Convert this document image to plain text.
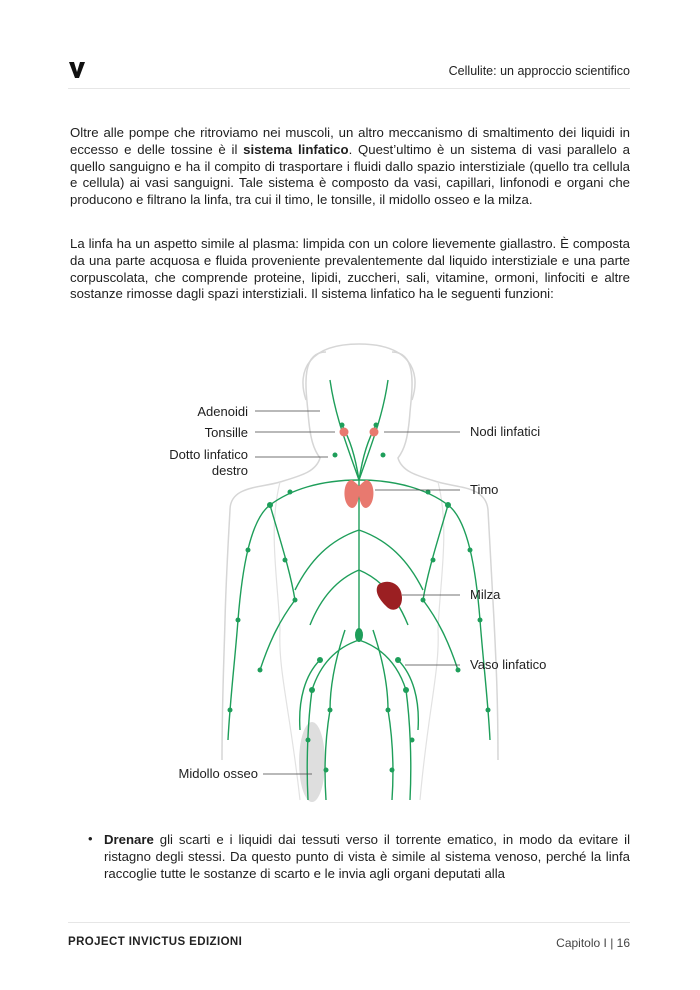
Cellulite: un approccio scientifico

Oltre alle pompe che ritroviamo nei muscoli, un altro meccanismo di smaltimento dei liquidi in eccesso e delle tossine è il sistema linfatico. Quest’ultimo è un sistema di vasi parallelo a quello sanguigno e ha il compito di trasportare i fluidi dallo spazio interstiziale (quello tra cellula e cellula) ai vasi sanguigni. Tale sistema è composto da vasi, capillari, linfonodi e organi che producono e filtrano la linfa, tra cui il timo, le tonsille, il midollo osseo e la milza.

La linfa ha un aspetto simile al plasma: limpida con un colore lievemente giallastro. È composta da una parte acquosa e fluida proveniente prevalentemente dal liquido interstiziale e una parte corpuscolata, che comprende proteine, lipidi, zuccheri, sali, vitamine, ormoni, linfociti e altre sostanze rimosse dagli spazi interstiziali. Il sistema linfatico ha le seguenti funzioni:

Adenoidi
Tonsille
Dotto linfatico
destro
Nodi linfatici
Timo
Milza
Vaso linfatico
Midollo osseo
• Drenare gli scarti e i liquidi dai tessuti verso il torrente ematico, in modo da evitare il ristagno degli stessi. Da questo punto di vista è simile al sistema venoso, perché la linfa raccoglie tutte le sostanze di scarto e le invia agli organi deputati alla

PROJECT INVICTUS EDIZIONI	Capitolo I | 16
